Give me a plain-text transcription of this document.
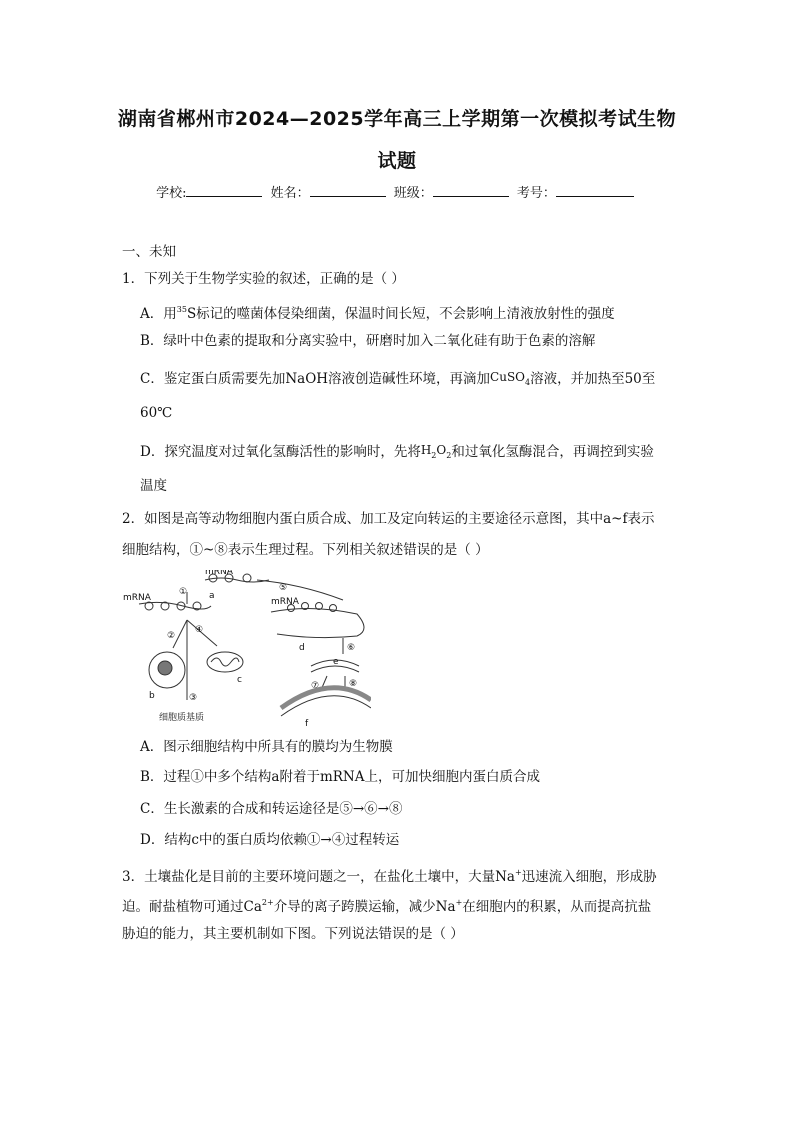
湖南省郴州市2024—2025学年高三上学期第一次模拟考试生物
试题
学校:	姓名：	班级：	考号：
一、未知
1．下列关于生物学实验的叙述，正确的是（ ）
A．用$^{35}$S标记的噬菌体侵染细菌，保温时间长短，不会影响上清液放射性的强度
B．绿叶中色素的提取和分离实验中，研磨时加入二氧化硅有助于色素的溶解
C．鉴定蛋白质需要先加NaOH溶液创造碱性环境，再滴加CuSO$_4$溶液，并加热至50至
60℃
D．探究温度对过氧化氢酶活性的影响时，先将$H_2O_2$和过氧化氢酶混合，再调控到实验
温度
2．如图是高等动物细胞内蛋白质合成、加工及定向转运的主要途径示意图，其中a~f表示
细胞结构，①~⑧表示生理过程。下列相关叙述错误的是（ ）
mRNA
mRNA	mRNA
a
b
c
d
e
f
①
②
③
④
⑤
⑥
⑦	⑧
细胞质基质
A．图示细胞结构中所具有的膜均为生物膜
B．过程①中多个结构a附着于mRNA上，可加快细胞内蛋白质合成
C．生长激素的合成和转运途径是⑤→⑥→⑧
D．结构c中的蛋白质均依赖①→④过程转运
3．土壤盐化是目前的主要环境问题之一，在盐化土壤中，大量Na+迅速流入细胞，形成胁
迫。耐盐植物可通过$Ca^{2+}$介导的离子跨膜运输，减少Na+在细胞内的积累，从而提高抗盐
胁迫的能力，其主要机制如下图。下列说法错误的是（ ）
